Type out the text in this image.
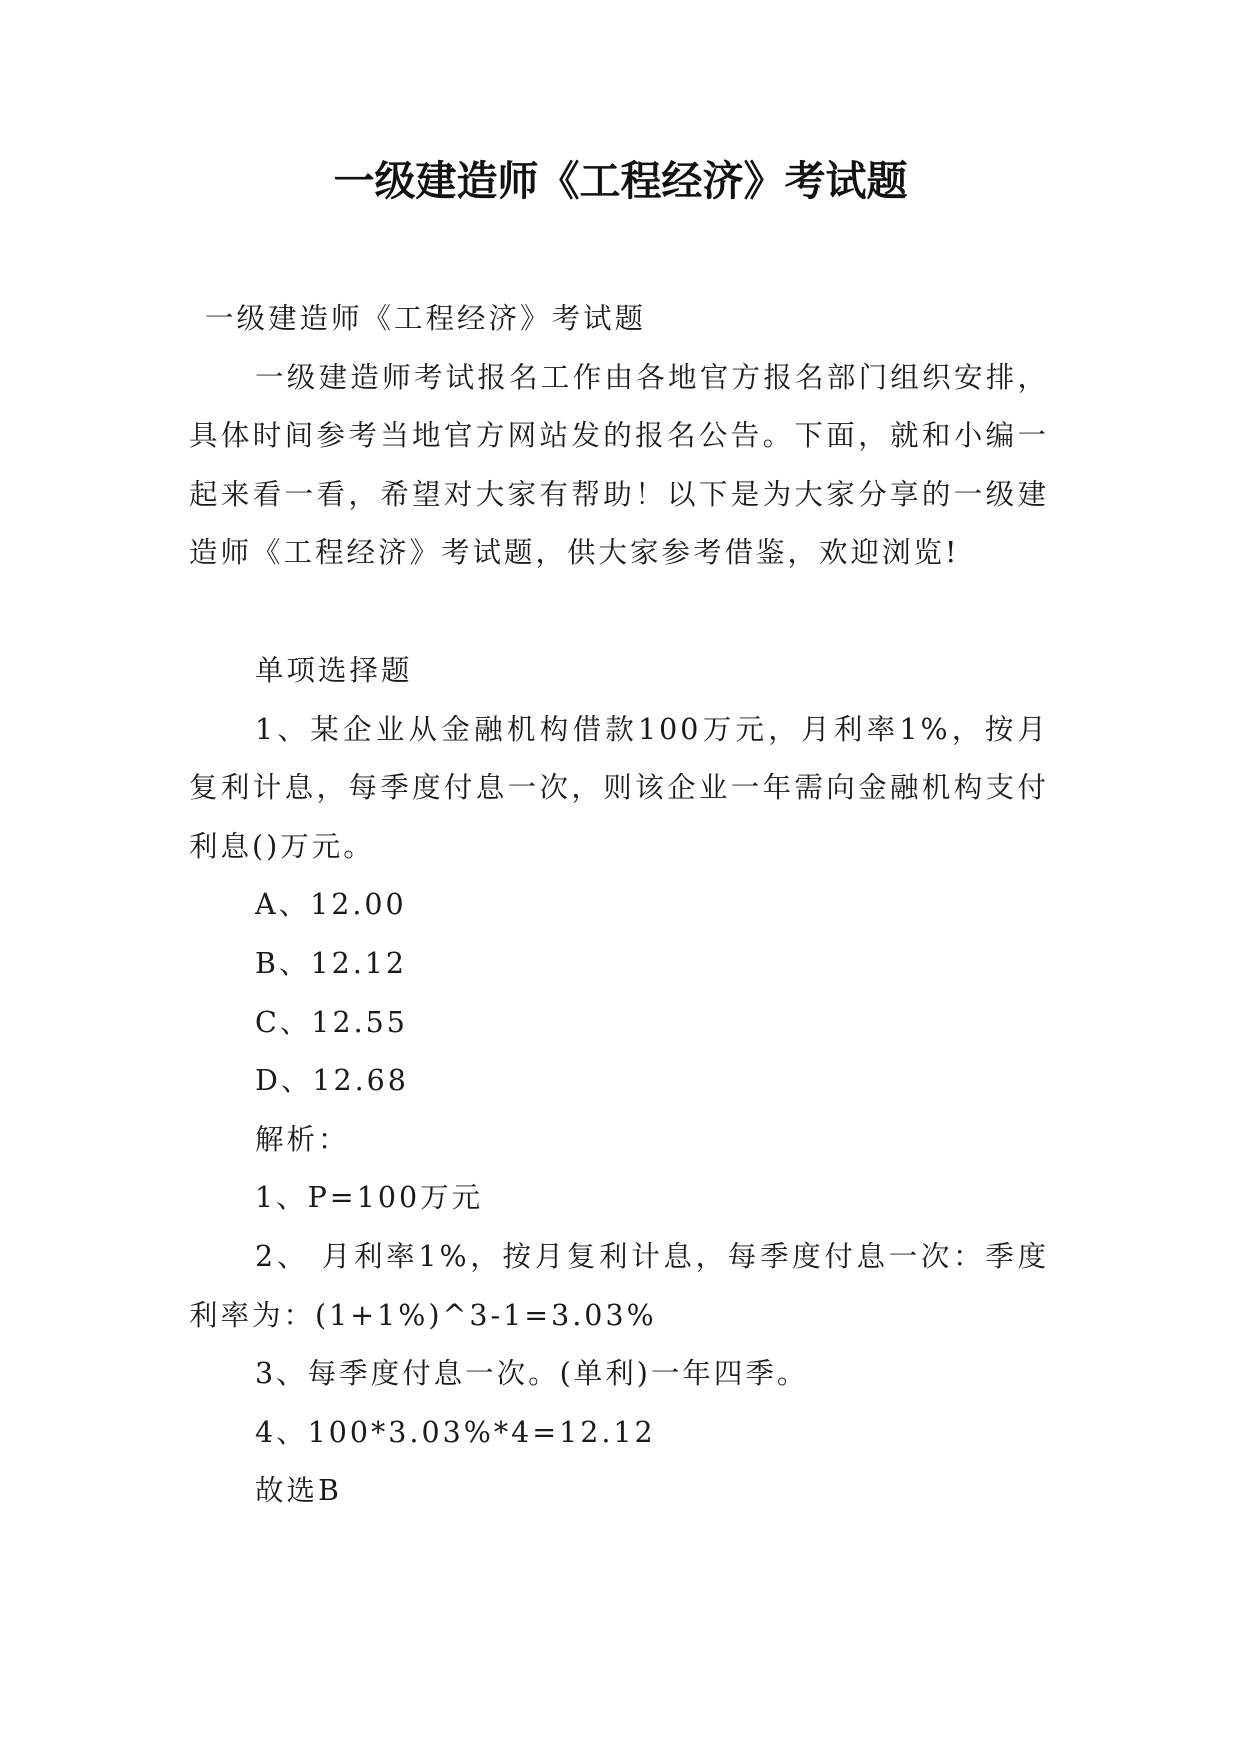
一级建造师《工程经济》考试题

一级建造师《工程经济》考试题

一级建造师考试报名工作由各地官方报名部门组织安排，具体时间参考当地官方网站发的报名公告。下面，就和小编一起来看一看，希望对大家有帮助！以下是为大家分享的一级建造师《工程经济》考试题，供大家参考借鉴，欢迎浏览!

单项选择题

1、某企业从金融机构借款100万元，月利率1%，按月复利计息，每季度付息一次，则该企业一年需向金融机构支付利息()万元。

A、12.00

B、12.12

C、12.55

D、12.68

解析：

1、P=100万元

2、 月利率1%，按月复利计息，每季度付息一次：季度利率为：(1+1%)^3-1=3.03%

3、每季度付息一次。(单利)一年四季。

4、100*3.03%*4=12.12

故选B
